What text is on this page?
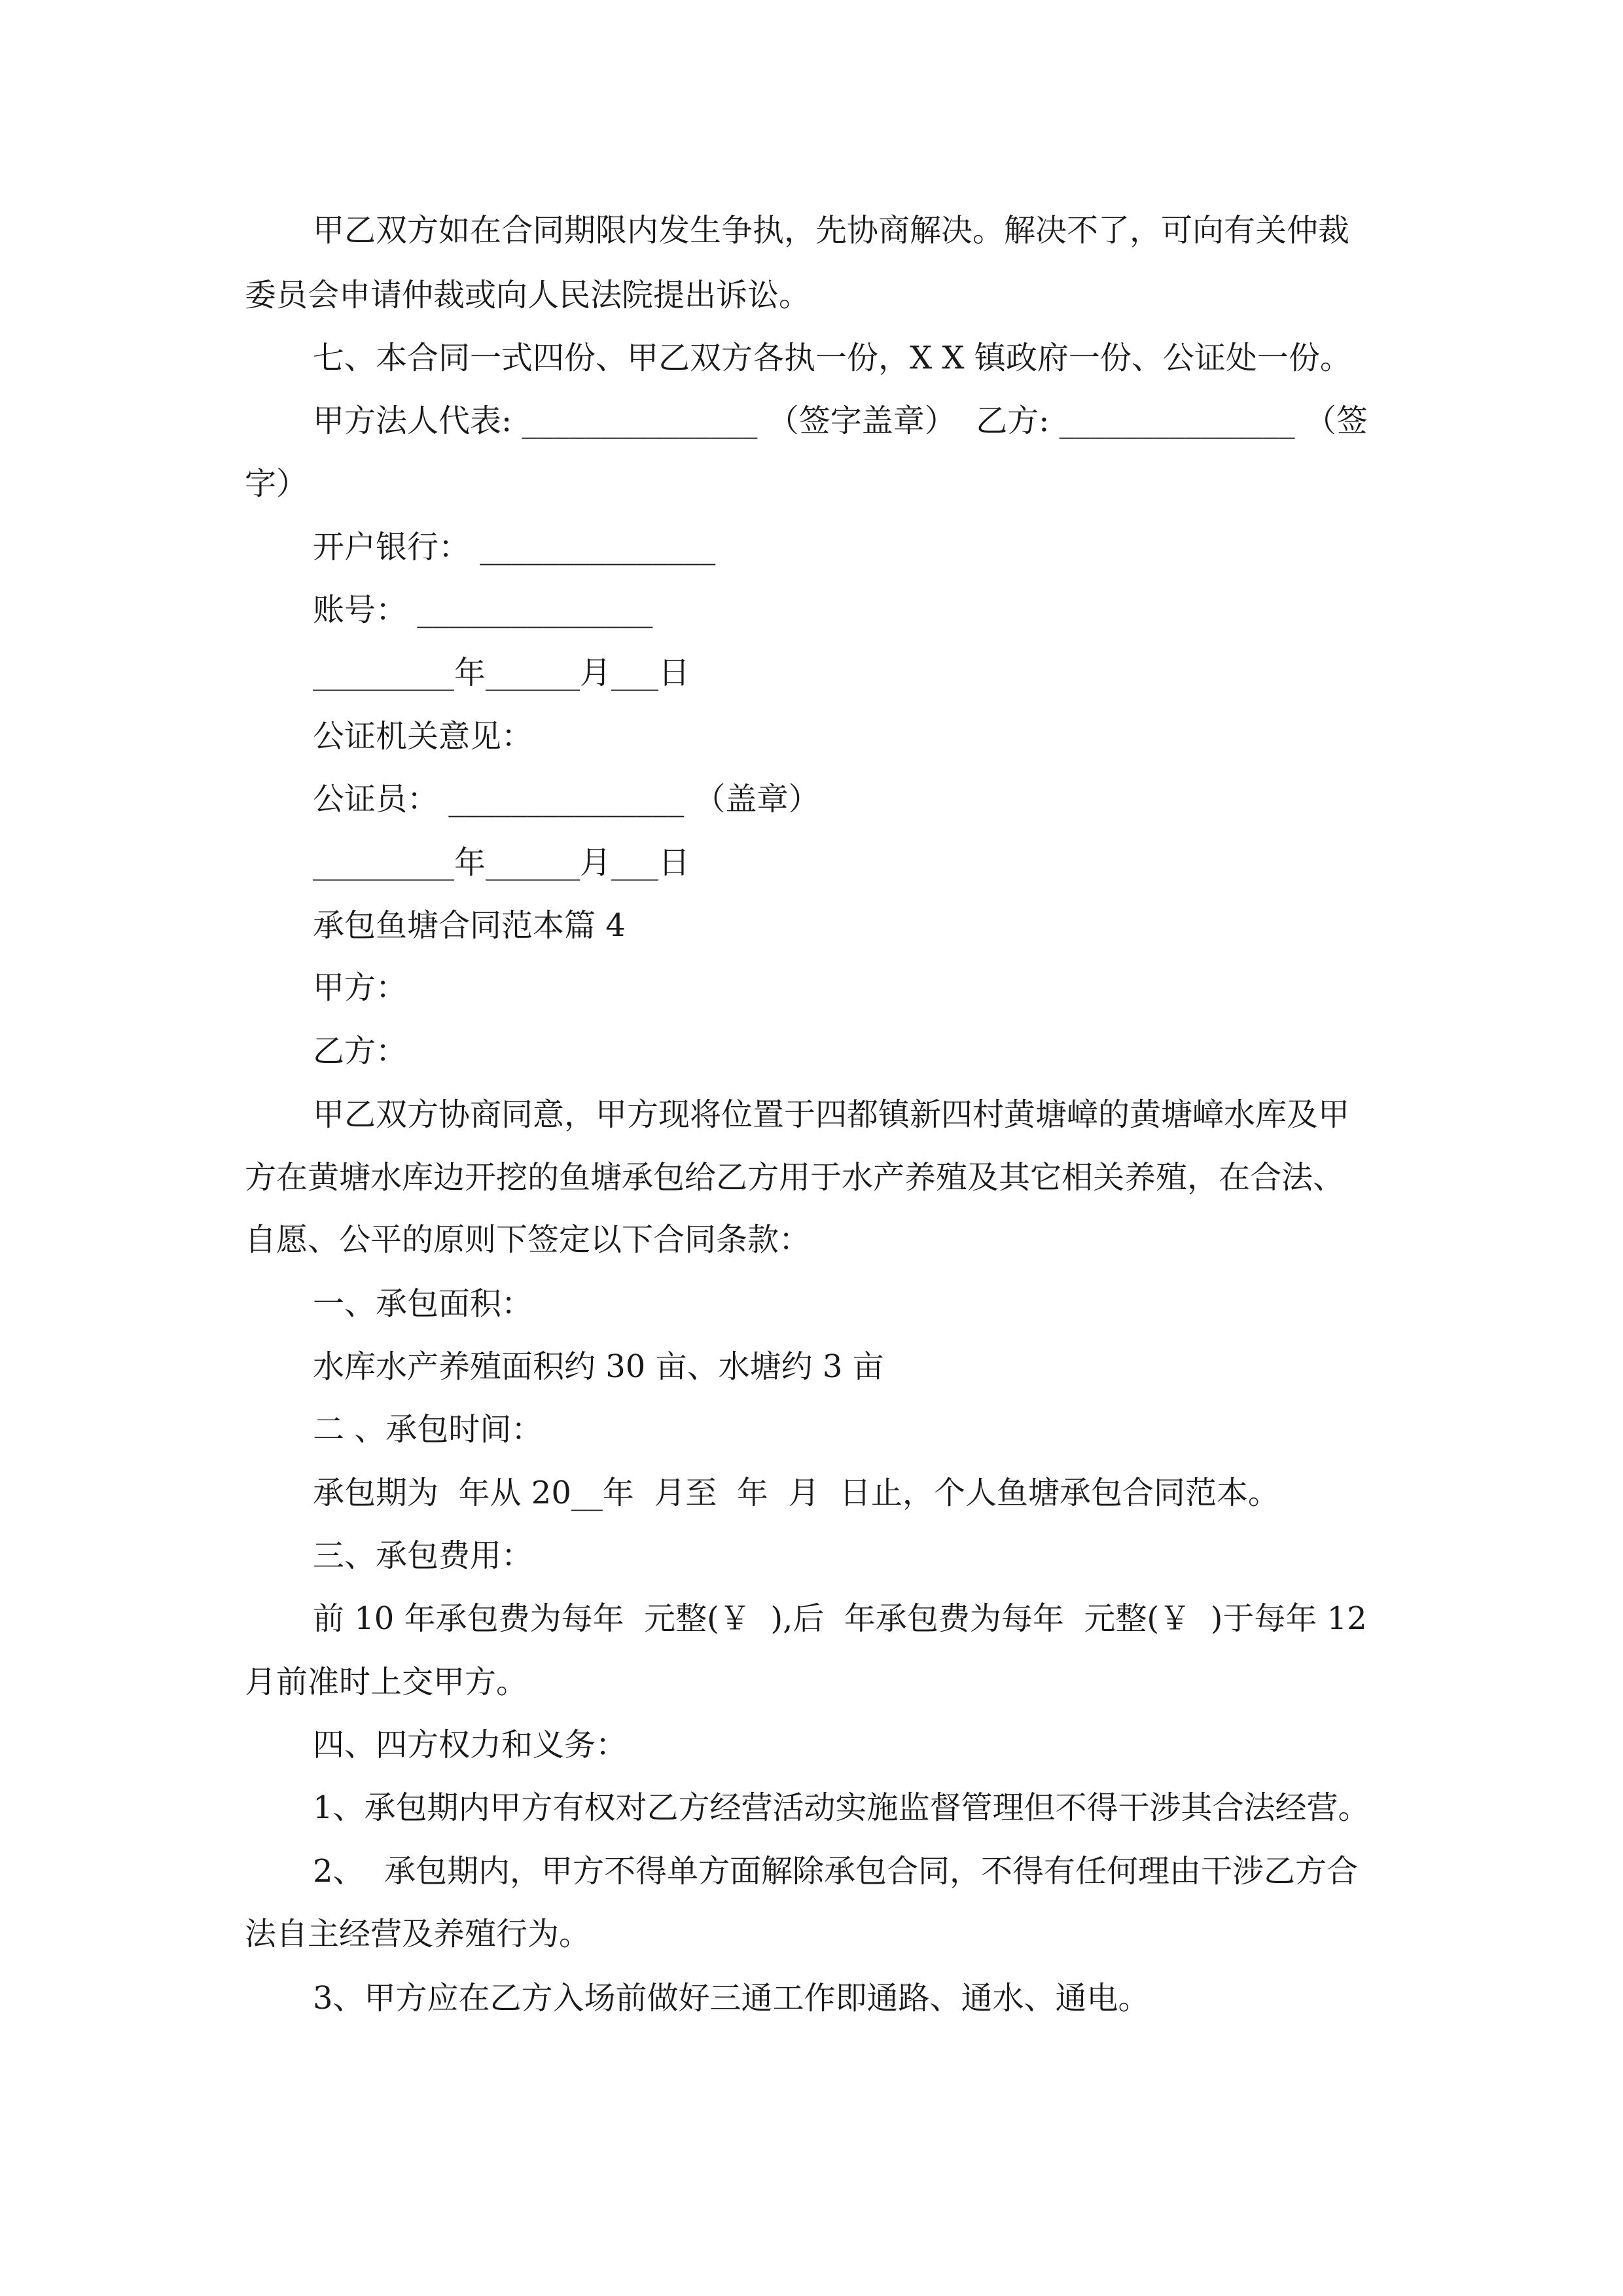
甲乙双方如在合同期限内发生争执，先协商解决。解决不了，可向有关仲裁
委员会申请仲裁或向人民法院提出诉讼。
七、本合同一式四份、甲乙双方各执一份，X X 镇政府一份、公证处一份。
甲方法人代表: _______________ （签字盖章）  乙方: _______________ （签
字）
开户银行： _______________
账号： _______________
_________年______月___日
公证机关意见：
公证员： _______________ （盖章）
_________年______月___日
承包鱼塘合同范本篇 4
甲方：
乙方：
甲乙双方协商同意，甲方现将位置于四都镇新四村黄塘嶂的黄塘嶂水库及甲
方在黄塘水库边开挖的鱼塘承包给乙方用于水产养殖及其它相关养殖，在合法、
自愿、公平的原则下签定以下合同条款：
一、承包面积：
水库水产养殖面积约 30 亩、水塘约 3 亩
二 、承包时间：
承包期为  年从 20__年  月至  年  月  日止，个人鱼塘承包合同范本。
三、承包费用：
前 10 年承包费为每年  元整(￥  ),后  年承包费为每年  元整(￥  )于每年 12
月前准时上交甲方。
四、四方权力和义务：
1、承包期内甲方有权对乙方经营活动实施监督管理但不得干涉其合法经营。
2、  承包期内，甲方不得单方面解除承包合同，不得有任何理由干涉乙方合
法自主经营及养殖行为。
3、甲方应在乙方入场前做好三通工作即通路、通水、通电。
